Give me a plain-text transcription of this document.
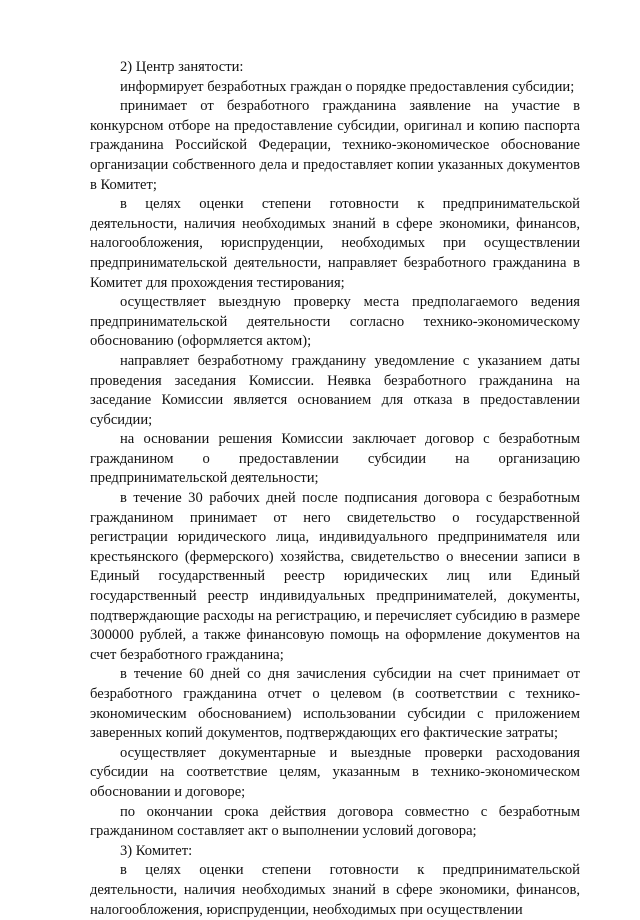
2) Центр занятости:

информирует безработных граждан о порядке предоставления субсидии;

принимает от безработного гражданина заявление на участие в конкурсном отборе на предоставление субсидии, оригинал и копию паспорта гражданина Российской Федерации, технико-экономическое обоснование организации собственного дела и предоставляет копии указанных документов в Комитет;

в целях оценки степени готовности к предпринимательской деятельности, наличия необходимых знаний в сфере экономики, финансов, налогообложения, юриспруденции, необходимых при осуществлении предпринимательской деятельности, направляет безработного гражданина в Комитет для прохождения тестирования;

осуществляет выездную проверку места предполагаемого ведения предпринимательской деятельности согласно технико-экономическому обоснованию (оформляется актом);

направляет безработному гражданину уведомление с указанием даты проведения заседания Комиссии. Неявка безработного гражданина на заседание Комиссии является основанием для отказа в предоставлении субсидии;

на основании решения Комиссии заключает договор с безработным гражданином о предоставлении субсидии на организацию предпринимательской деятельности;

в течение 30 рабочих дней после подписания договора с безработным гражданином принимает от него свидетельство о государственной регистрации юридического лица, индивидуального предпринимателя или крестьянского (фермерского) хозяйства, свидетельство о внесении записи в Единый государственный реестр юридических лиц или Единый государственный реестр индивидуальных предпринимателей, документы, подтверждающие расходы на регистрацию, и перечисляет субсидию в размере 300000 рублей, а также финансовую помощь на оформление документов на счет безработного гражданина;

в течение 60 дней со дня зачисления субсидии на счет принимает от безработного гражданина отчет о целевом (в соответствии с технико-экономическим обоснованием) использовании субсидии с приложением заверенных копий документов, подтверждающих его фактические затраты;

осуществляет документарные и выездные проверки расходования субсидии на соответствие целям, указанным в технико-экономическом обосновании и договоре;

по окончании срока действия договора совместно с безработным гражданином составляет акт о выполнении условий договора;

3) Комитет:

в целях оценки степени готовности к предпринимательской деятельности, наличия необходимых знаний в сфере экономики, финансов, налогообложения, юриспруденции, необходимых при осуществлении
